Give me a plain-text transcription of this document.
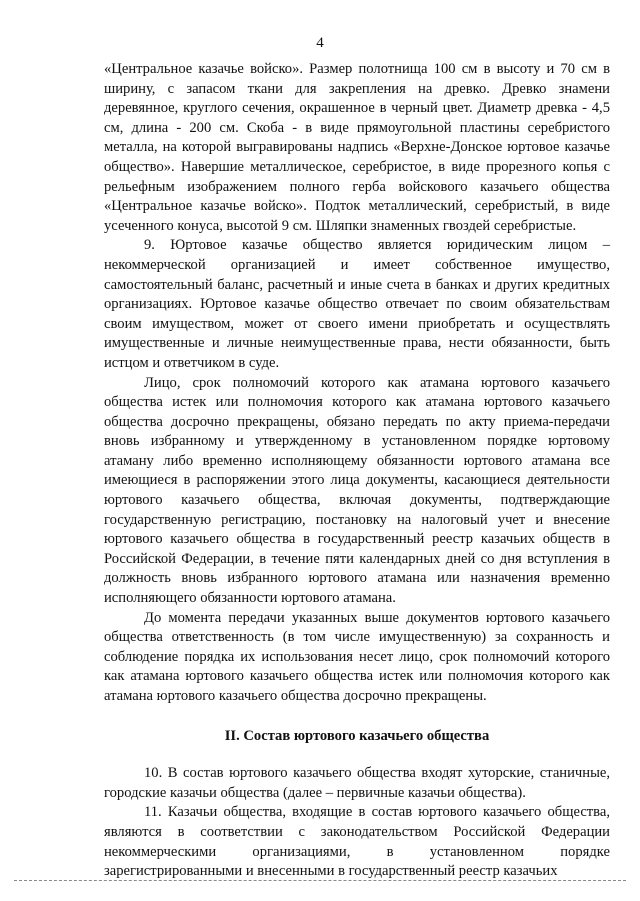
4

«Центральное казачье войско». Размер полотнища 100 см в высоту и 70 см в ширину, с запасом ткани для закрепления на древко. Древко знамени деревянное, круглого сечения, окрашенное в черный цвет. Диаметр древка - 4,5 см, длина - 200 см. Скоба - в виде прямоугольной пластины серебристого металла, на которой выгравированы надпись «Верхне-Донское юртовое казачье общество». Навершие металлическое, серебристое, в виде прорезного копья с рельефным изображением полного герба войскового казачьего общества «Центральное казачье войско». Подток металлический, серебристый, в виде усеченного конуса, высотой 9 см. Шляпки знаменных гвоздей серебристые.

9. Юртовое казачье общество является юридическим лицом – некоммерческой организацией и имеет собственное имущество, самостоятельный баланс, расчетный и иные счета в банках и других кредитных организациях. Юртовое казачье общество отвечает по своим обязательствам своим имуществом, может от своего имени приобретать и осуществлять имущественные и личные неимущественные права, нести обязанности, быть истцом и ответчиком в суде.

Лицо, срок полномочий которого как атамана юртового казачьего общества истек или полномочия которого как атамана юртового казачьего общества досрочно прекращены, обязано передать по акту приема-передачи вновь избранному и утвержденному в установленном порядке юртовому атаману либо временно исполняющему обязанности юртового атамана все имеющиеся в распоряжении этого лица документы, касающиеся деятельности юртового казачьего общества, включая документы, подтверждающие государственную регистрацию, постановку на налоговый учет и внесение юртового казачьего общества в государственный реестр казачьих обществ в Российской Федерации, в течение пяти календарных дней со дня вступления в должность вновь избранного юртового атамана или назначения временно исполняющего обязанности юртового атамана.

До момента передачи указанных выше документов юртового казачьего общества ответственность (в том числе имущественную) за сохранность и соблюдение порядка их использования несет лицо, срок полномочий которого как атамана юртового казачьего общества истек или полномочия которого как атамана юртового казачьего общества досрочно прекращены.

II. Состав юртового казачьего общества

10. В состав юртового казачьего общества входят хуторские, станичные, городские казачьи общества (далее – первичные казачьи общества).

11. Казачьи общества, входящие в состав юртового казачьего общества, являются в соответствии с законодательством Российской Федерации некоммерческими организациями, в установленном порядке зарегистрированными и внесенными в государственный реестр казачьих
